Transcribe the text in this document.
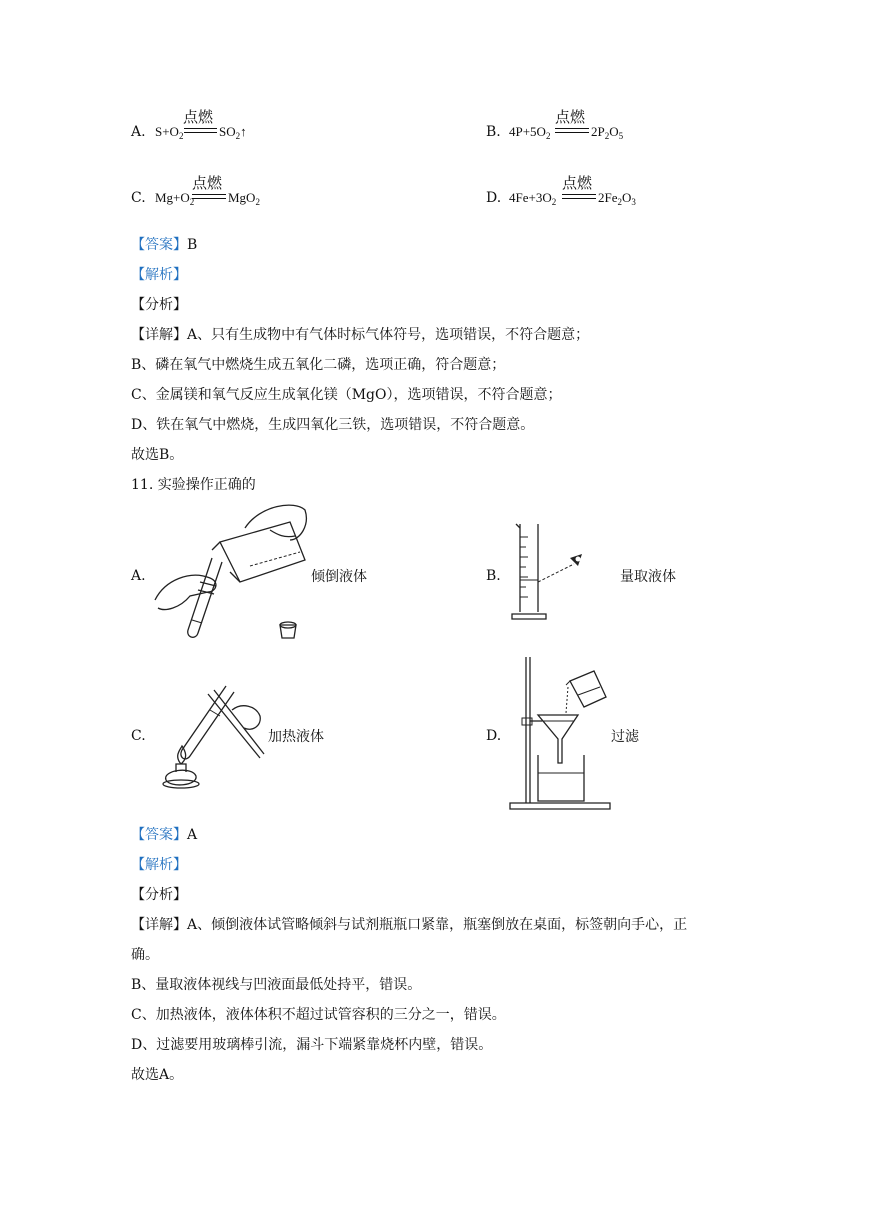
A. $S+O_2$
点燃
$SO_2↑$	B. $4P+5O_2$
点燃
$2P_2O_5$
C. $Mg+O_2$
点燃
MgO$_2$	D. $4Fe+3O_2$
点燃
$2Fe_2O_3$
【答案】B
【解析】
【分析】
【详解】A、只有生成物中有气体时标气体符号，选项错误，不符合题意；
B、磷在氧气中燃烧生成五氧化二磷，选项正确，符合题意；
C、金属镁和氧气反应生成氧化镁（MgO），选项错误，不符合题意；
D、铁在氧气中燃烧，生成四氧化三铁，选项错误，不符合题意。
故选B。
11. 实验操作正确的
A.	倾倒液体	B.	量取液体
C.	加热液体	D.	过滤
【答案】A
【解析】
【分析】
【详解】A、倾倒液体试管略倾斜与试剂瓶瓶口紧靠，瓶塞倒放在桌面，标签朝向手心，正
确。
B、量取液体视线与凹液面最低处持平，错误。
C、加热液体，液体体积不超过试管容积的三分之一，错误。
D、过滤要用玻璃棒引流，漏斗下端紧靠烧杯内壁，错误。
故选A。
